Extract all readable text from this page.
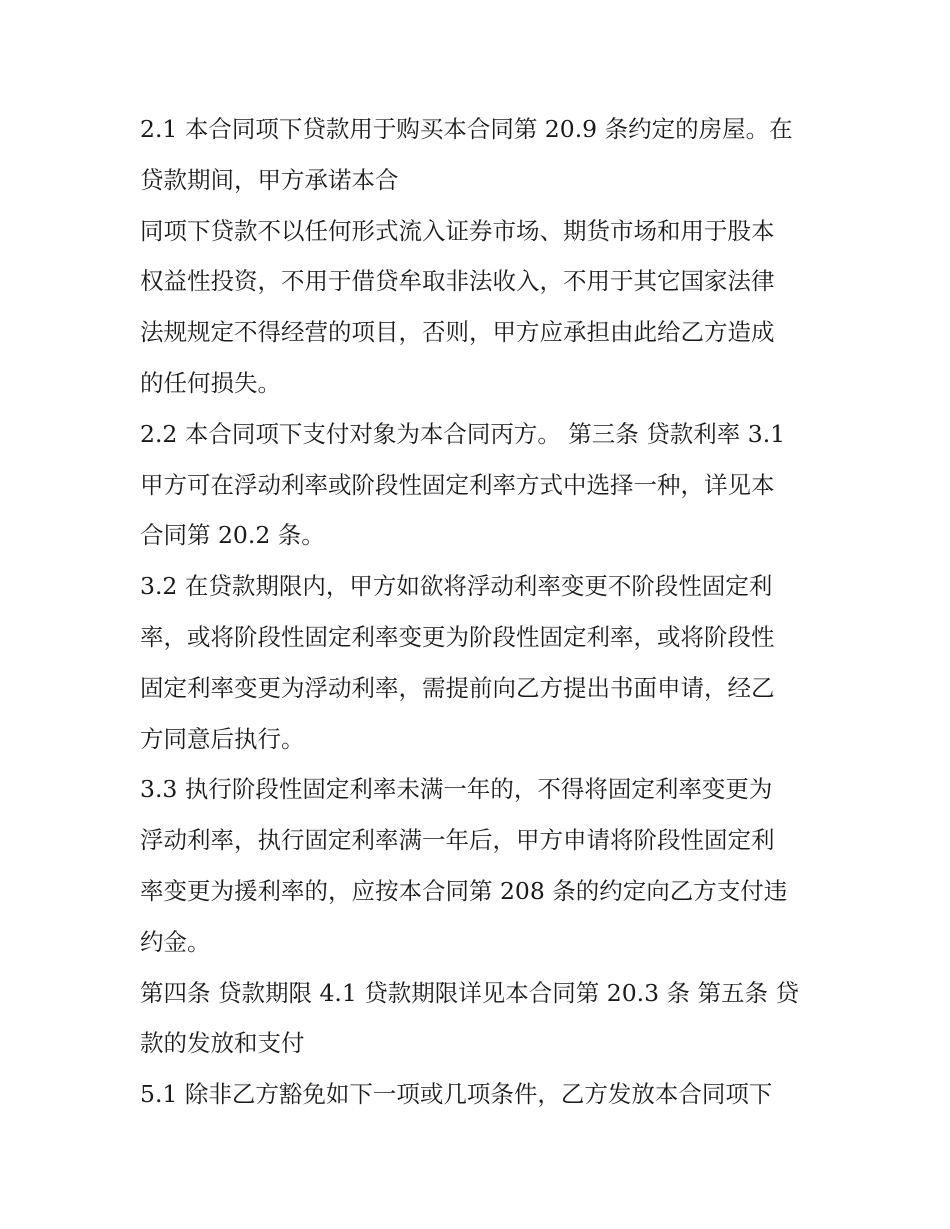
2.1 本合同项下贷款用于购买本合同第 20.9 条约定的房屋。在
贷款期间，甲方承诺本合
同项下贷款不以任何形式流入证券市场、期货市场和用于股本
权益性投资，不用于借贷牟取非法收入，不用于其它国家法律
法规规定不得经营的项目，否则，甲方应承担由此给乙方造成
的任何损失。
2.2 本合同项下支付对象为本合同丙方。 第三条 贷款利率 3.1
甲方可在浮动利率或阶段性固定利率方式中选择一种，详见本
合同第 20.2 条。
3.2 在贷款期限内，甲方如欲将浮动利率变更不阶段性固定利
率，或将阶段性固定利率变更为阶段性固定利率，或将阶段性
固定利率变更为浮动利率，需提前向乙方提出书面申请，经乙
方同意后执行。
3.3 执行阶段性固定利率未满一年的，不得将固定利率变更为
浮动利率，执行固定利率满一年后，甲方申请将阶段性固定利
率变更为援利率的，应按本合同第 208 条的约定向乙方支付违
约金。
第四条 贷款期限 4.1 贷款期限详见本合同第 20.3 条 第五条 贷
款的发放和支付
5.1 除非乙方豁免如下一项或几项条件，乙方发放本合同项下
